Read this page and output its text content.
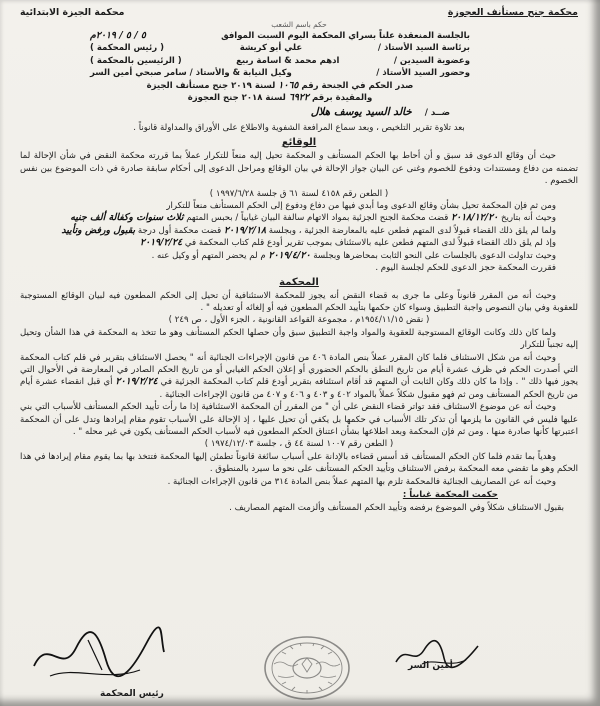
محكمة جنح مستأنف العجوزة
محكمة الجيزة الابتدائية
حكم باسم الشعب
بالجلسة المنعقدة علناً بسراي المحكمة اليوم السبت الموافق
٥ / ٥ / ٢٠١٩م
برئاسة السيد الأستاذ /
علي أبو كريشة
( رئيس المحكمة )
وعضوية السيدين /
ادهم محمد & اسامة ربيع
( الرئيسين بالمحكمة )
وحضور السيد الأستاذ /
وكيل النيابة & والأستاذ / سامر صبحي أمين السر
صدر الحكم في الجنحة رقم ١٠٦٥ لسنة ٢٠١٩ جنح مستأنف الجيزة
والمقيدة برقم ٦٩٢٢ لسنة ٢٠١٨ جنح العجوزة
ضــد / خالد السيد يوسف هلال
بعد تلاوة تقرير التلخيص ، وبعد سماع المرافعة الشفوية والاطلاع على الأوراق والمداولة قانوناً .
الوقائع

حيث أن وقائع الدعوى قد سبق و أن أحاط بها الحكم المستأنف و المحكمة تحيل إليه منعاً للتكرار عملاً بما قررته محكمة النقض في شأن الإحالة لما تضمنه من دفاع ومستندات ودفوع للخصوم وغنى عن البيان جواز الإحالة في بيان الوقائع ومراحل الدعوى إلى أحكام سابقة صادرة في ذات الموضوع بين نفس الخصوم .

( الطعن رقم ٤١٥٨ لسنة ٦١ ق جلسة ١٩٩٧/٦/٢٨ )

ومن ثم فإن المحكمة تحيل بشأن وقائع الدعوى وما أبدي فيها من دفاع ودفوع إلى الحكم المستأنف منعاً للتكرار

وحيث أنه بتاريخ ٢٠١٨/١٢/٢٠ قضت محكمة الجنح الجزئية بمواد الاتهام سالفة البيان غيابياً / بحبس المتهم ثلاث سنوات وكفالة ألف جنيه

ولما لم يلق ذلك القضاء قبولاً لدى المتهم فطعن عليه بالمعارضة الجزئية ، وبجلسة ٢٠١٩/٢/١٨ قضت محكمة أول درجة بقبول ورفض وتأييد

وإذ لم يلق ذلك القضاء قبولاً لدى المتهم فطعن عليه بالاستئناف بموجب تقرير أودع قلم كتاب المحكمة في ٢٠١٩/٢/٢٤

وحيث تداولت الدعوى بالجلسات على النحو الثابت بمحاضرها وبجلسة ٢٠١٩/٤/٢٠ م لم يحضر المتهم أو وكيل عنه .

فقررت المحكمة حجز الدعوى للحكم لجلسة اليوم .

المحكمة

وحيث أنه من المقرر قانوناً وعلى ما جرى به قضاء النقض أنه يجوز للمحكمة الاستئنافية أن تحيل إلى الحكم المطعون فيه لبيان الوقائع المستوجبة للعقوبة وفي بيان النصوص واجبة التطبيق وسواء كان حكمها بتأييد الحكم المطعون فيه أو إلغائه أو تعديله " .

( نقض ١٩٥٤/١١/١٥م ، مجموعة القواعد القانونية ، الجزء الأول ، ص ٢٤٩ )

ولما كان ذلك وكانت الوقائع المستوجبة للعقوبة والمواد واجبة التطبيق سبق وأن حصلها الحكم المستأنف وهو ما تتخذ به المحكمة في هذا الشأن وتحيل إليه تجنباً للتكرار

وحيث أنه من شكل الاستئناف فلما كان المقرر عملاً بنص المادة ٤٠٦ من قانون الإجراءات الجنائية أنه " يحصل الاستئناف بتقرير في قلم كتاب المحكمة التي أصدرت الحكم في ظرف عشرة أيام من تاريخ النطق بالحكم الحضوري أو إعلان الحكم الغيابي أو من تاريخ الحكم الصادر في المعارضة في الأحوال التي يجوز فيها ذلك " . وإذا ما كان ذلك وكان الثابت أن المتهم قد أقام استئنافه بتقرير أودع قلم كتاب المحكمة الجزئية في ٢٠١٩/٢/٢٤ أي قبل انقضاء عشرة أيام من تاريخ الحكم المستأنف ومن ثم فهو مقبول شكلاً عملاً بالمواد ٤٠٢ و ٤٠٣ و ٤٠٦ و ٤٠٧ من قانون الإجراءات الجنائية .

وحيث أنه عن موضوع الاستئناف فقد تواتر قضاء النقض على أن " من المقرر أن المحكمة الاستئنافية إذا ما رأت تأييد الحكم المستأنف للأسباب التي بني عليها فليس في القانون ما يلزمها أن تذكر تلك الأسباب في حكمها بل يكفي أن تحيل عليها ، إذ الإحالة على الأسباب تقوم مقام إيرادها وتدل على أن المحكمة اعتبرتها كأنها صادرة منها . ومن ثم فإن المحكمة وبعد اطلاعها بشأن اعتناق الحكم المطعون فيه لأسباب الحكم المستأنف يكون في غير محله " .

( الطعن رقم ١٠٠٧ لسنة ٤٤ ق ، جلسة ١٩٧٤/١٢/٠٣ )

وهدياً بما تقدم فلما كان الحكم المستأنف قد أسس قضاءه بالإدانة على أسباب سائغة قانوناً تطمئن إليها المحكمة فتتخذ بها بما يقوم مقام إيرادها في هذا الحكم وهو ما تقضي معه المحكمة برفض الاستئناف وتأييد الحكم المستأنف على نحو ما سيرد بالمنطوق .

وحيث أنه عن المصاريف الجنائية فالمحكمة تلزم بها المتهم عملاً بنص المادة ٣١٤ من قانون الإجراءات الجنائية .

حكمت المحكمة غيابياً :

بقبول الاستئناف شكلاً وفي الموضوع برفضه وتأييد الحكم المستأنف وألزمت المتهم المصاريف .

أمين السر
رئيس المحكمة
